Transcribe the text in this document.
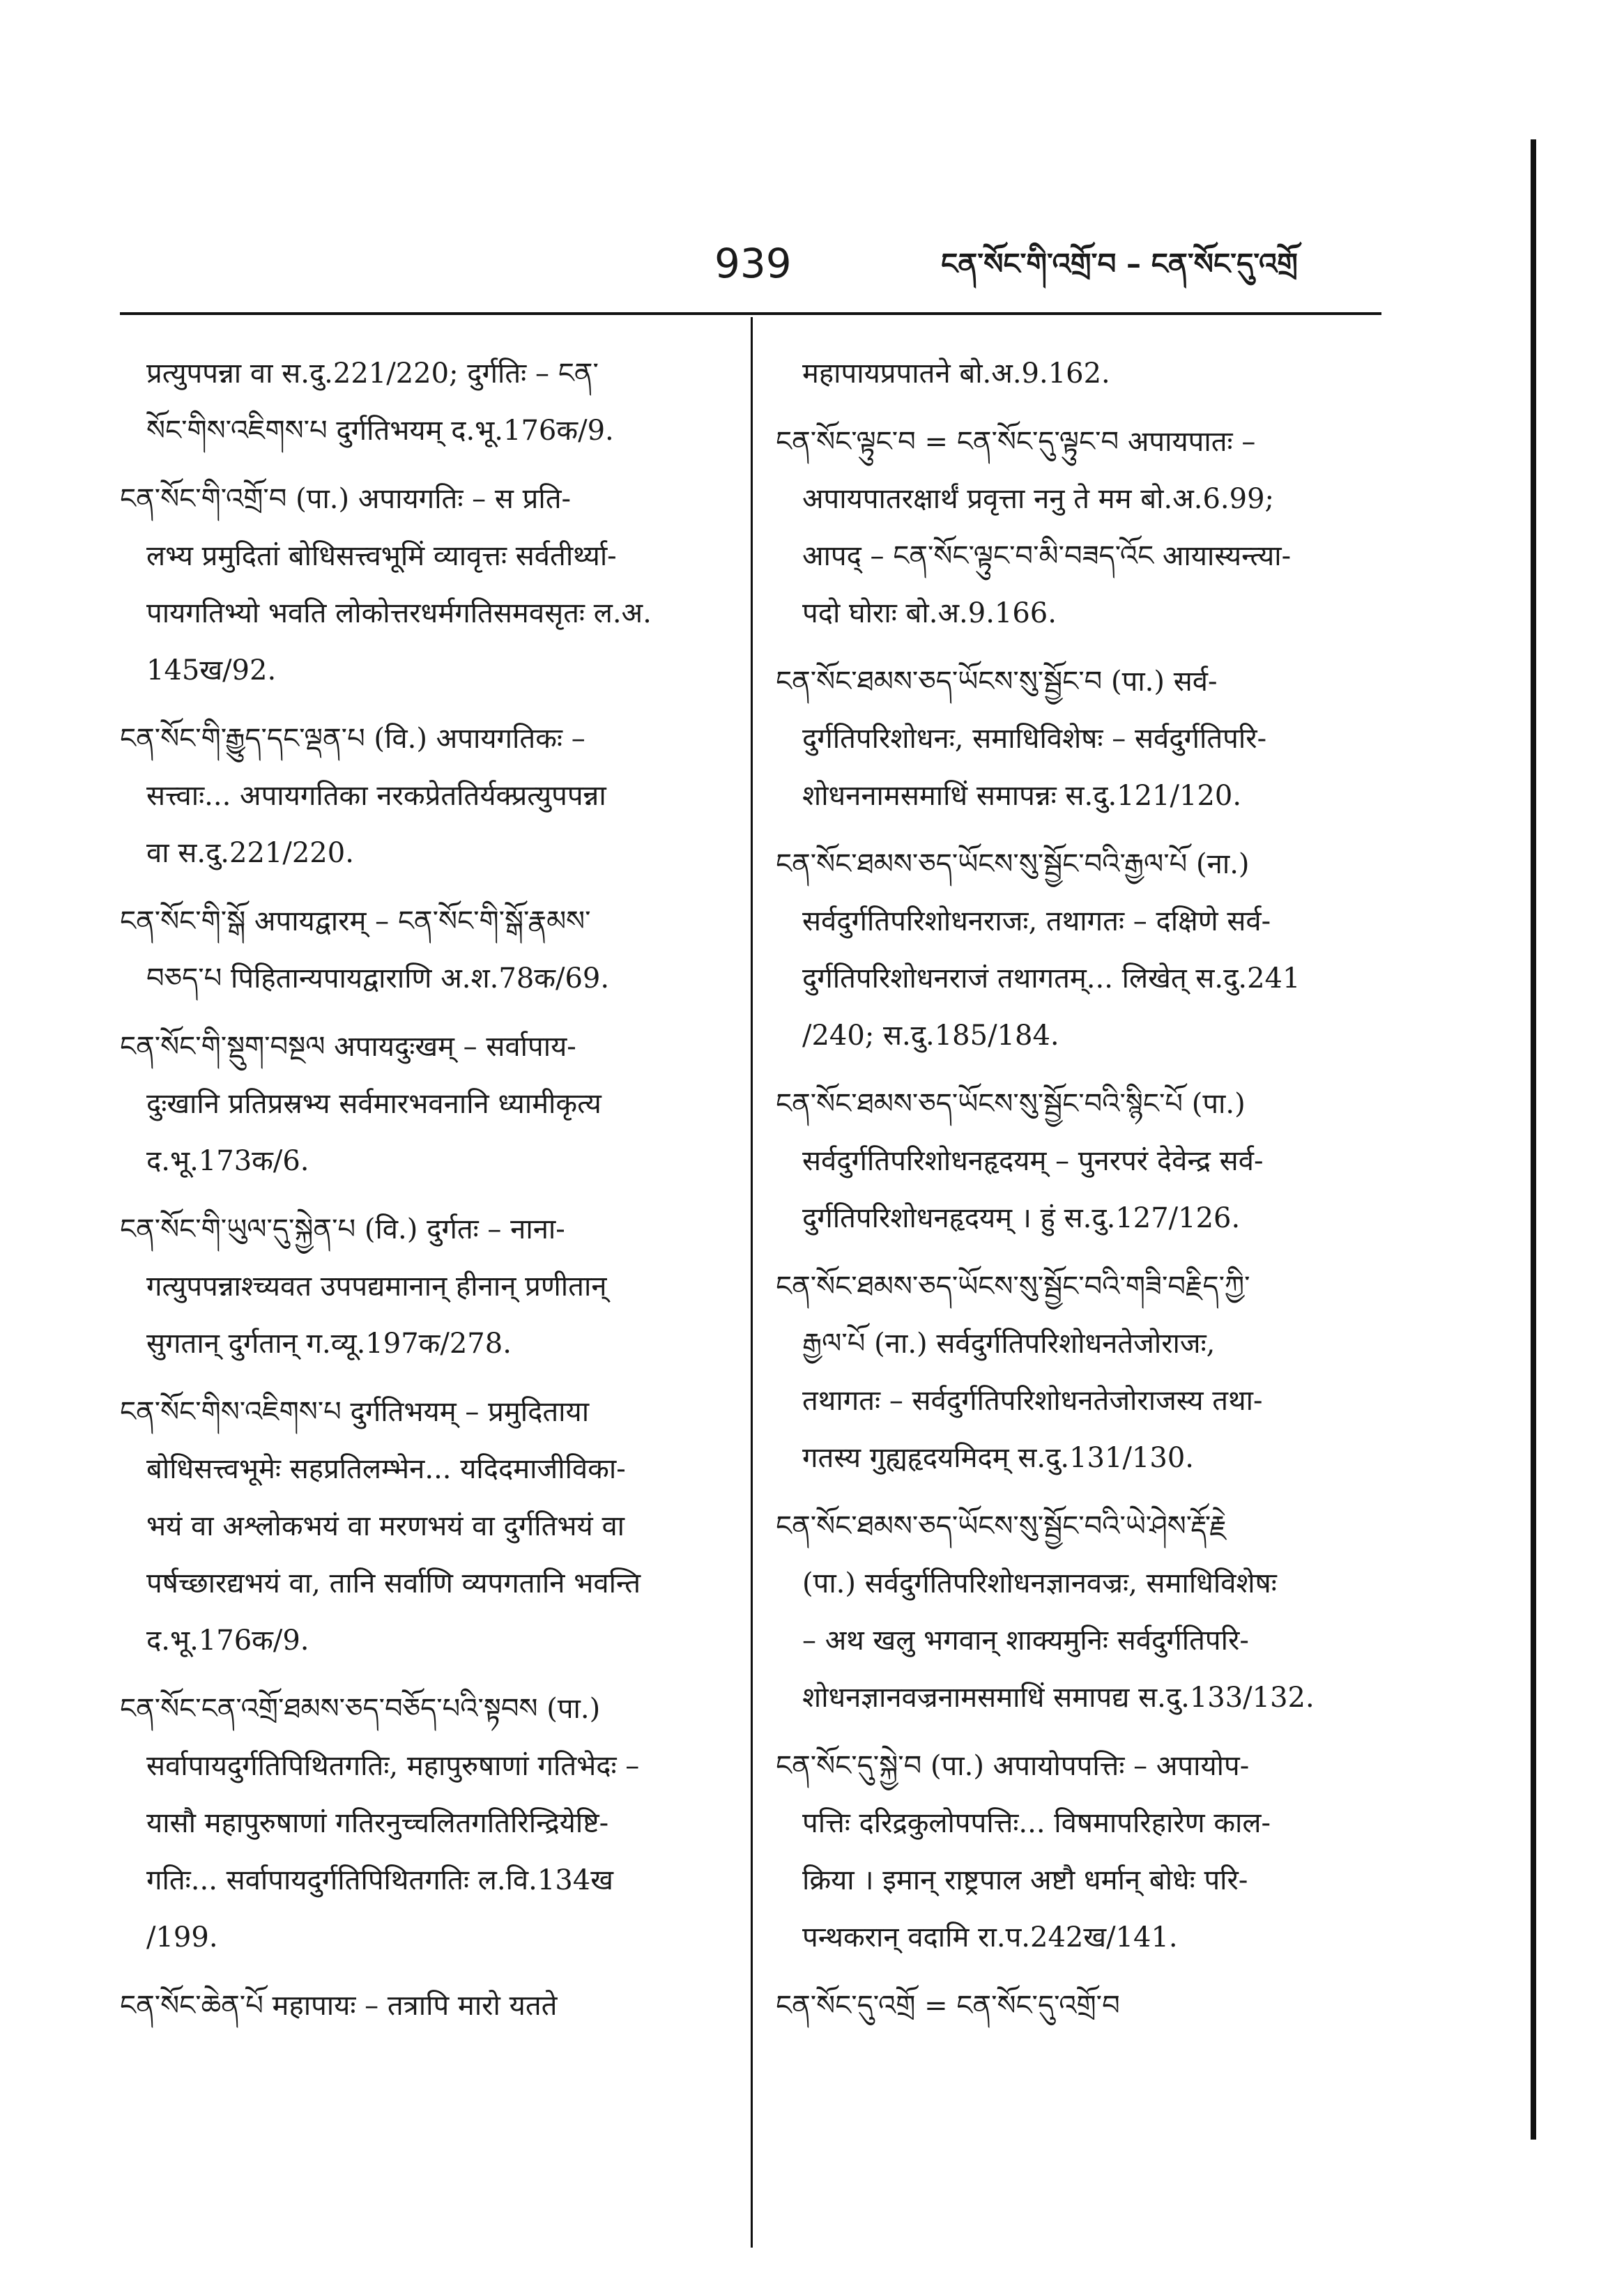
939	ངན་སོང་གི་འགྲོ་བ – ངན་སོང་དུ་འགྲོ
प्रत्युपपन्ना वा स.दु.221/220; दुर्गतिः – ངན་
སོང་གིས་འཇིགས་པ दुर्गतिभयम् द.भू.176क/9.
ངན་སོང་གི་འགྲོ་བ (पा.) अपायगतिः – स प्रति-
लभ्य प्रमुदितां बोधिसत्त्वभूमिं व्यावृत्तः सर्वतीर्थ्या-
पायगतिभ्यो भवति लोकोत्तरधर्मगतिसमवसृतः ल.अ.
145ख/92.
ངན་སོང་གི་རྒྱུད་དང་ལྡན་པ (वि.) अपायगतिकः –
सत्त्वाः... अपायगतिका नरकप्रेततिर्यक्प्रत्युपपन्ना
वा स.दु.221/220.
ངན་སོང་གི་སྒོ अपायद्वारम् – ངན་སོང་གི་སྒོ་རྣམས་
བཅད་པ पिहितान्यपायद्वाराणि अ.श.78क/69.
ངན་སོང་གི་སྡུག་བསྔལ अपायदुःखम् – सर्वापाय-
दुःखानि प्रतिप्रस्रभ्य सर्वमारभवनानि ध्यामीकृत्य
द.भू.173क/6.
ངན་སོང་གི་ཡུལ་དུ་སྐྱེན་པ (वि.) दुर्गतः – नाना-
गत्युपपन्नाश्च्यवत उपपद्यमानान् हीनान् प्रणीतान्
सुगतान् दुर्गतान् ग.व्यू.197क/278.
ངན་སོང་གིས་འཇིགས་པ दुर्गतिभयम् – प्रमुदिताया
बोधिसत्त्वभूमेः सहप्रतिलम्भेन... यदिदमाजीविका-
भयं वा अश्लोकभयं वा मरणभयं वा दुर्गतिभयं वा
पर्षच्छारद्यभयं वा, तानि सर्वाणि व्यपगतानि भवन्ति
द.भू.176क/9.
ངན་སོང་ངན་འགྲོ་ཐམས་ཅད་བཅོད་པའི་སྟབས (पा.)
सर्वापायदुर्गतिपिथितगतिः, महापुरुषाणां गतिभेदः –
यासौ महापुरुषाणां गतिरनुच्चलितगतिरिन्द्रियेष्टि-
गतिः... सर्वापायदुर्गतिपिथितगतिः ल.वि.134ख
/199.
ངན་སོང་ཆེན་པོ महापायः – तत्रापि मारो यतते
महापायप्रपातने बो.अ.9.162.
ངན་སོང་ལྟུང་བ = ངན་སོང་དུ་ལྟུང་བ अपायपातः –
अपायपातरक्षार्थं प्रवृत्ता ननु ते मम बो.अ.6.99;
आपद् – ངན་སོང་ལྟུང་བ་མི་བཟད་འོང आयास्यन्त्या-
पदो घोराः बो.अ.9.166.
ངན་སོང་ཐམས་ཅད་ཡོངས་སུ་སྦྱོང་བ (पा.) सर्व-
दुर्गतिपरिशोधनः, समाधिविशेषः – सर्वदुर्गतिपरि-
शोधननामसमाधिं समापन्नः स.दु.121/120.
ངན་སོང་ཐམས་ཅད་ཡོངས་སུ་སྦྱོང་བའི་རྒྱལ་པོ (ना.)
सर्वदुर्गतिपरिशोधनराजः, तथागतः – दक्षिणे सर्व-
दुर्गतिपरिशोधनराजं तथागतम्... लिखेत् स.दु.241
/240; स.दु.185/184.
ངན་སོང་ཐམས་ཅད་ཡོངས་སུ་སྦྱོང་བའི་སྙིང་པོ (पा.)
सर्वदुर्गतिपरिशोधनहृदयम् – पुनरपरं देवेन्द्र सर्व-
दुर्गतिपरिशोधनहृदयम् । हुं स.दु.127/126.
ངན་སོང་ཐམས་ཅད་ཡོངས་སུ་སྦྱོང་བའི་གཟི་བརྗིད་ཀྱི་
རྒྱལ་པོ (ना.) सर्वदुर्गतिपरिशोधनतेजोराजः,
तथागतः – सर्वदुर्गतिपरिशोधनतेजोराजस्य तथा-
गतस्य गुह्यहृदयमिदम् स.दु.131/130.
ངན་སོང་ཐམས་ཅད་ཡོངས་སུ་སྦྱོང་བའི་ཡེ་ཤེས་རྡོ་རྗེ
(पा.) सर्वदुर्गतिपरिशोधनज्ञानवज्रः, समाधिविशेषः
– अथ खलु भगवान् शाक्यमुनिः सर्वदुर्गतिपरि-
शोधनज्ञानवज्रनामसमाधिं समापद्य स.दु.133/132.
ངན་སོང་དུ་སྐྱེ་བ (पा.) अपायोपपत्तिः – अपायोप-
पत्तिः दरिद्रकुलोपपत्तिः... विषमापरिहारेण काल-
क्रिया । इमान् राष्ट्रपाल अष्टौ धर्मान् बोधेः परि-
पन्थकरान् वदामि रा.प.242ख/141.
ངན་སོང་དུ་འགྲོ = ངན་སོང་དུ་འགྲོ་བ
